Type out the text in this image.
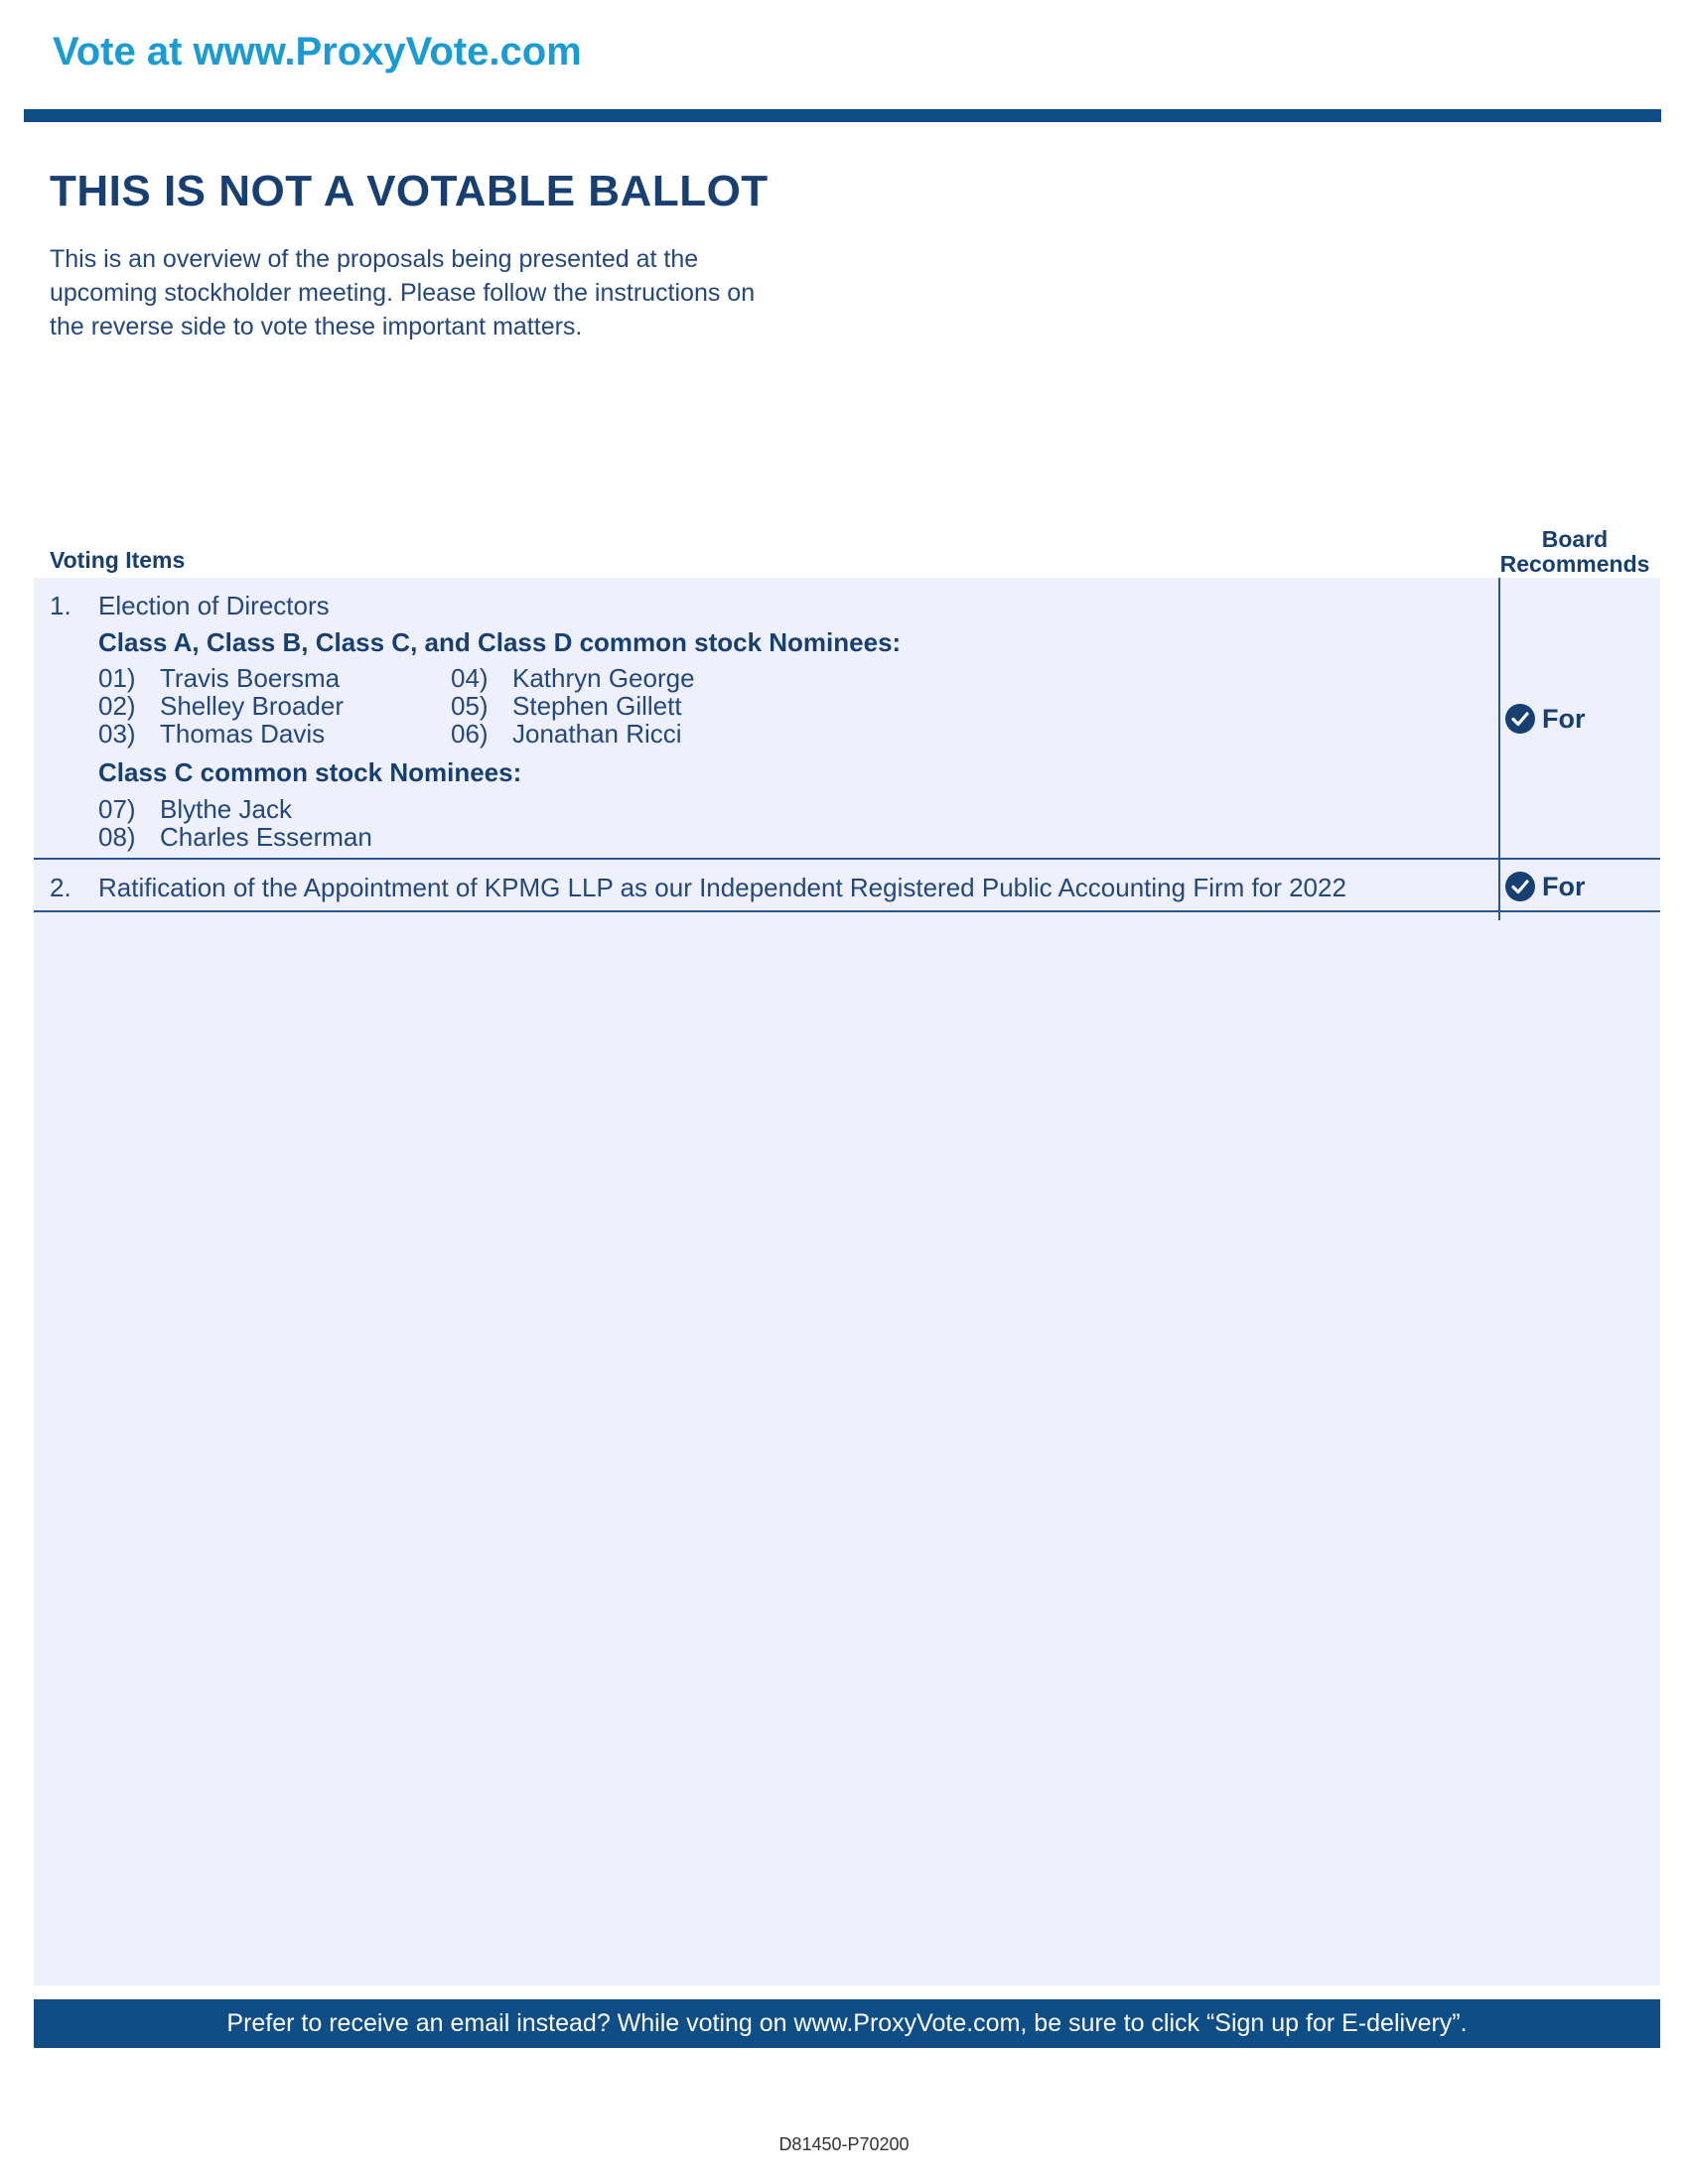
Vote at www.ProxyVote.com
THIS IS NOT A VOTABLE BALLOT
This is an overview of the proposals being presented at the
upcoming stockholder meeting. Please follow the instructions on
the reverse side to vote these important matters.
Voting Items
Board
Recommends
1. Election of Directors
Class A, Class B, Class C, and Class D common stock Nominees:
01) Travis Boersma
02) Shelley Broader
03) Thomas Davis
04) Kathryn George
05) Stephen Gillett
06) Jonathan Ricci
Class C common stock Nominees:
07) Blythe Jack
08) Charles Esserman
For
2. Ratification of the Appointment of KPMG LLP as our Independent Registered Public Accounting Firm for 2022	For
Prefer to receive an email instead? While voting on www.ProxyVote.com, be sure to click “Sign up for E-delivery”.
D81450-P70200
